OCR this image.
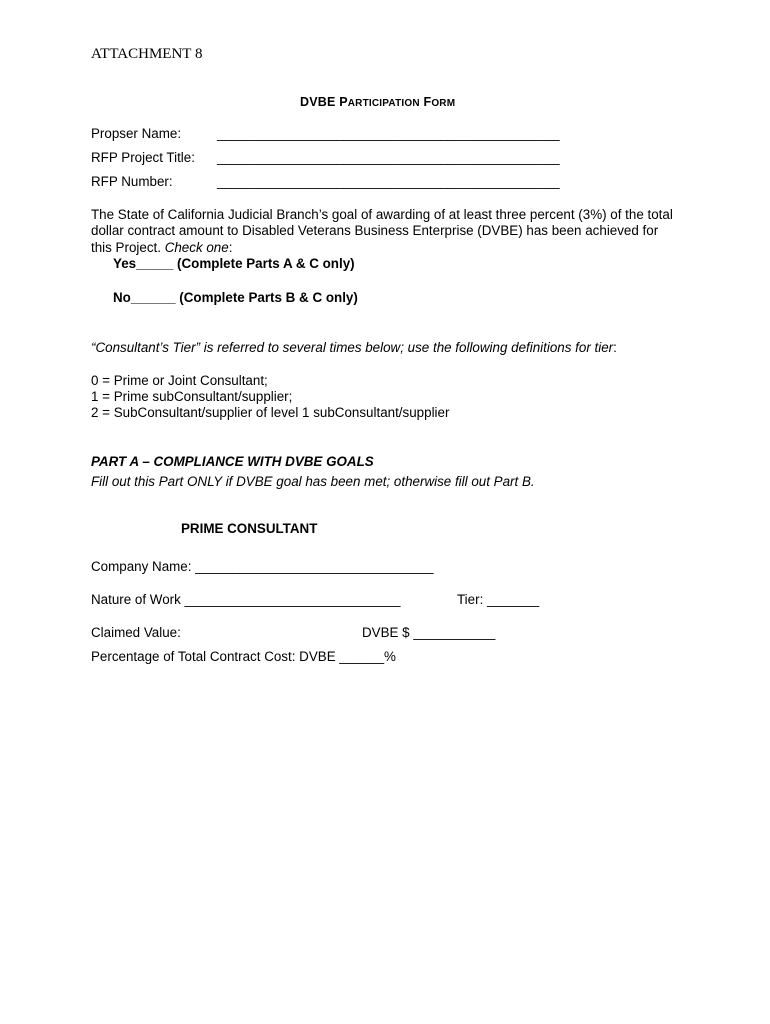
ATTACHMENT 8
DVBE PARTICIPATION FORM
Propser Name:	______________________________________________
RFP Project Title: ______________________________________________
RFP Number:	______________________________________________
The State of California Judicial Branch’s goal of awarding of at least three percent (3%) of the total dollar contract amount to Disabled Veterans Business Enterprise (DVBE) has been achieved for this Project. Check one:
Yes_____ (Complete Parts A & C only)
No______ (Complete Parts B & C only)
“Consultant’s Tier” is referred to several times below; use the following definitions for tier:
0 = Prime or Joint Consultant;
1 = Prime subConsultant/supplier;
2 = SubConsultant/supplier of level 1 subConsultant/supplier
PART A – COMPLIANCE WITH DVBE GOALS
Fill out this Part ONLY if DVBE goal has been met; otherwise fill out Part B.
PRIME CONSULTANT
Company Name: ________________________________
Nature of Work _____________________________	Tier: _______
Claimed Value:	DVBE $ ___________
Percentage of Total Contract Cost: DVBE ______%
